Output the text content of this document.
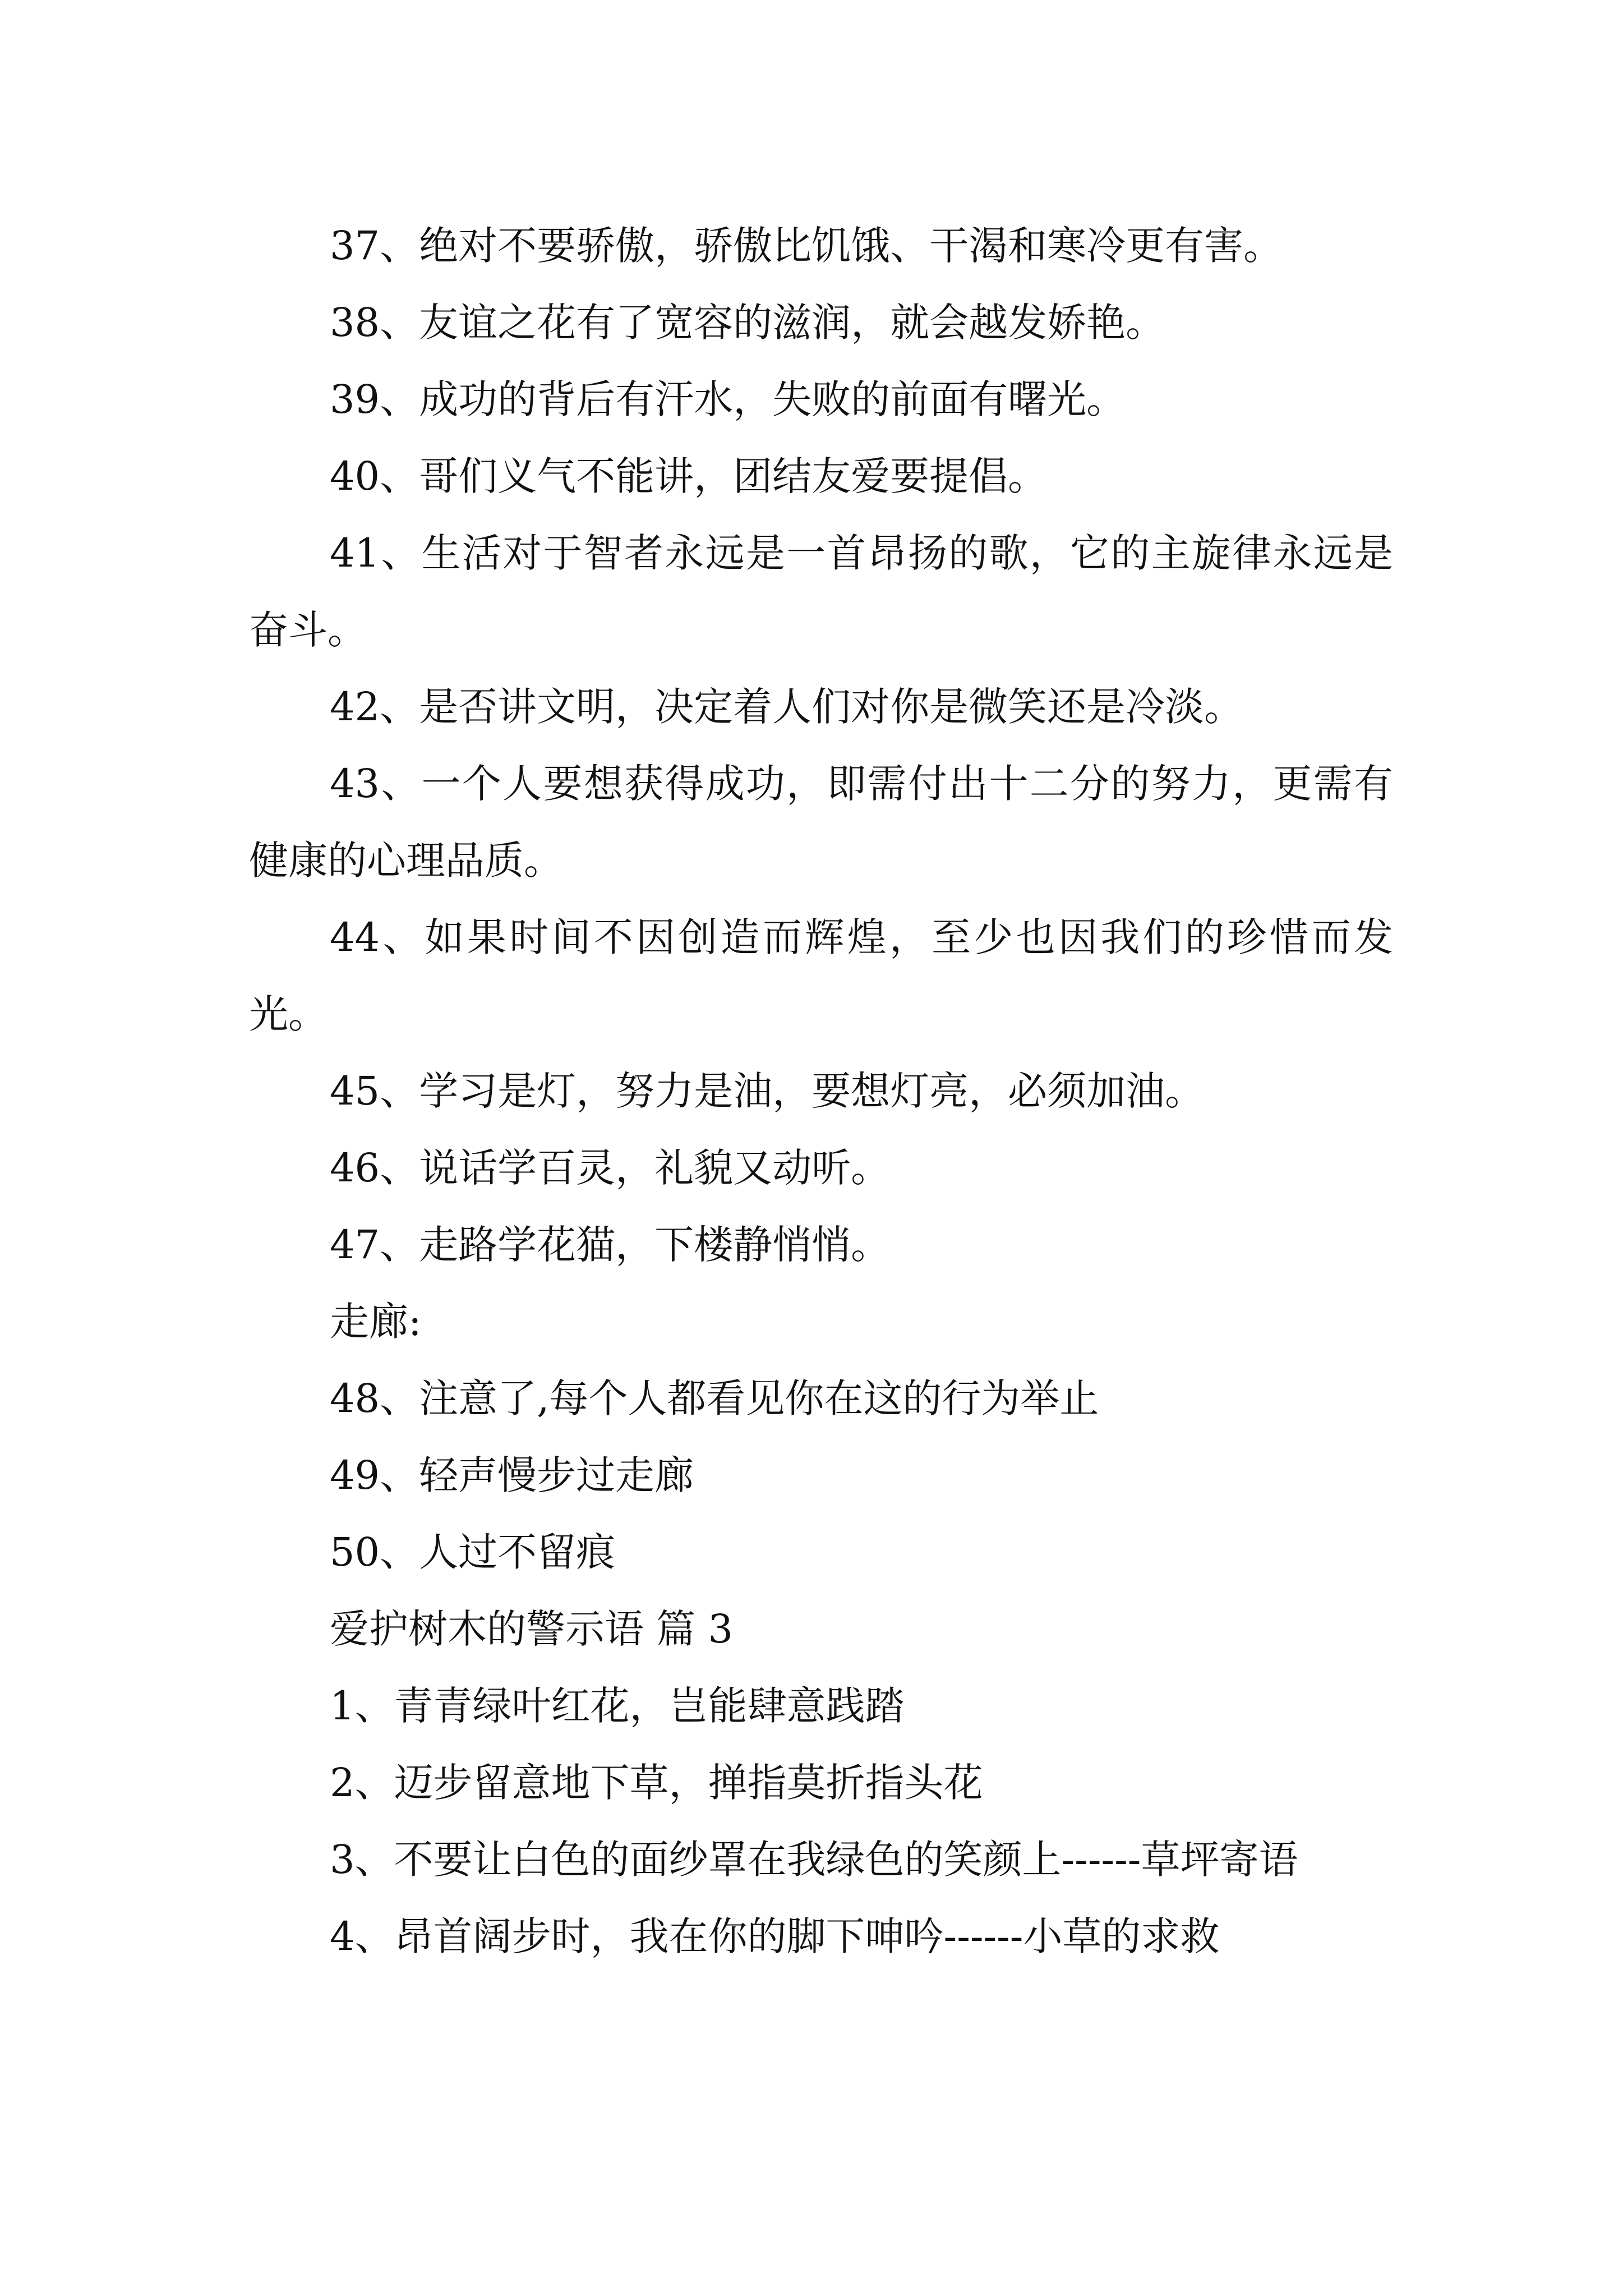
37、绝对不要骄傲，骄傲比饥饿、干渴和寒冷更有害。

38、友谊之花有了宽容的滋润，就会越发娇艳。

39、成功的背后有汗水，失败的前面有曙光。

40、哥们义气不能讲，团结友爱要提倡。

41、生活对于智者永远是一首昂扬的歌，它的主旋律永远是奋斗。

42、是否讲文明，决定着人们对你是微笑还是冷淡。

43、一个人要想获得成功，即需付出十二分的努力，更需有健康的心理品质。

44、如果时间不因创造而辉煌，至少也因我们的珍惜而发光。

45、学习是灯，努力是油，要想灯亮，必须加油。

46、说话学百灵，礼貌又动听。

47、走路学花猫，下楼静悄悄。

走廊:

48、注意了,每个人都看见你在这的行为举止

49、轻声慢步过走廊

50、人过不留痕

爱护树木的警示语 篇 3

1、青青绿叶红花，岂能肆意践踏

2、迈步留意地下草，掸指莫折指头花

3、不要让白色的面纱罩在我绿色的笑颜上------草坪寄语

4、昂首阔步时，我在你的脚下呻吟------小草的求救
